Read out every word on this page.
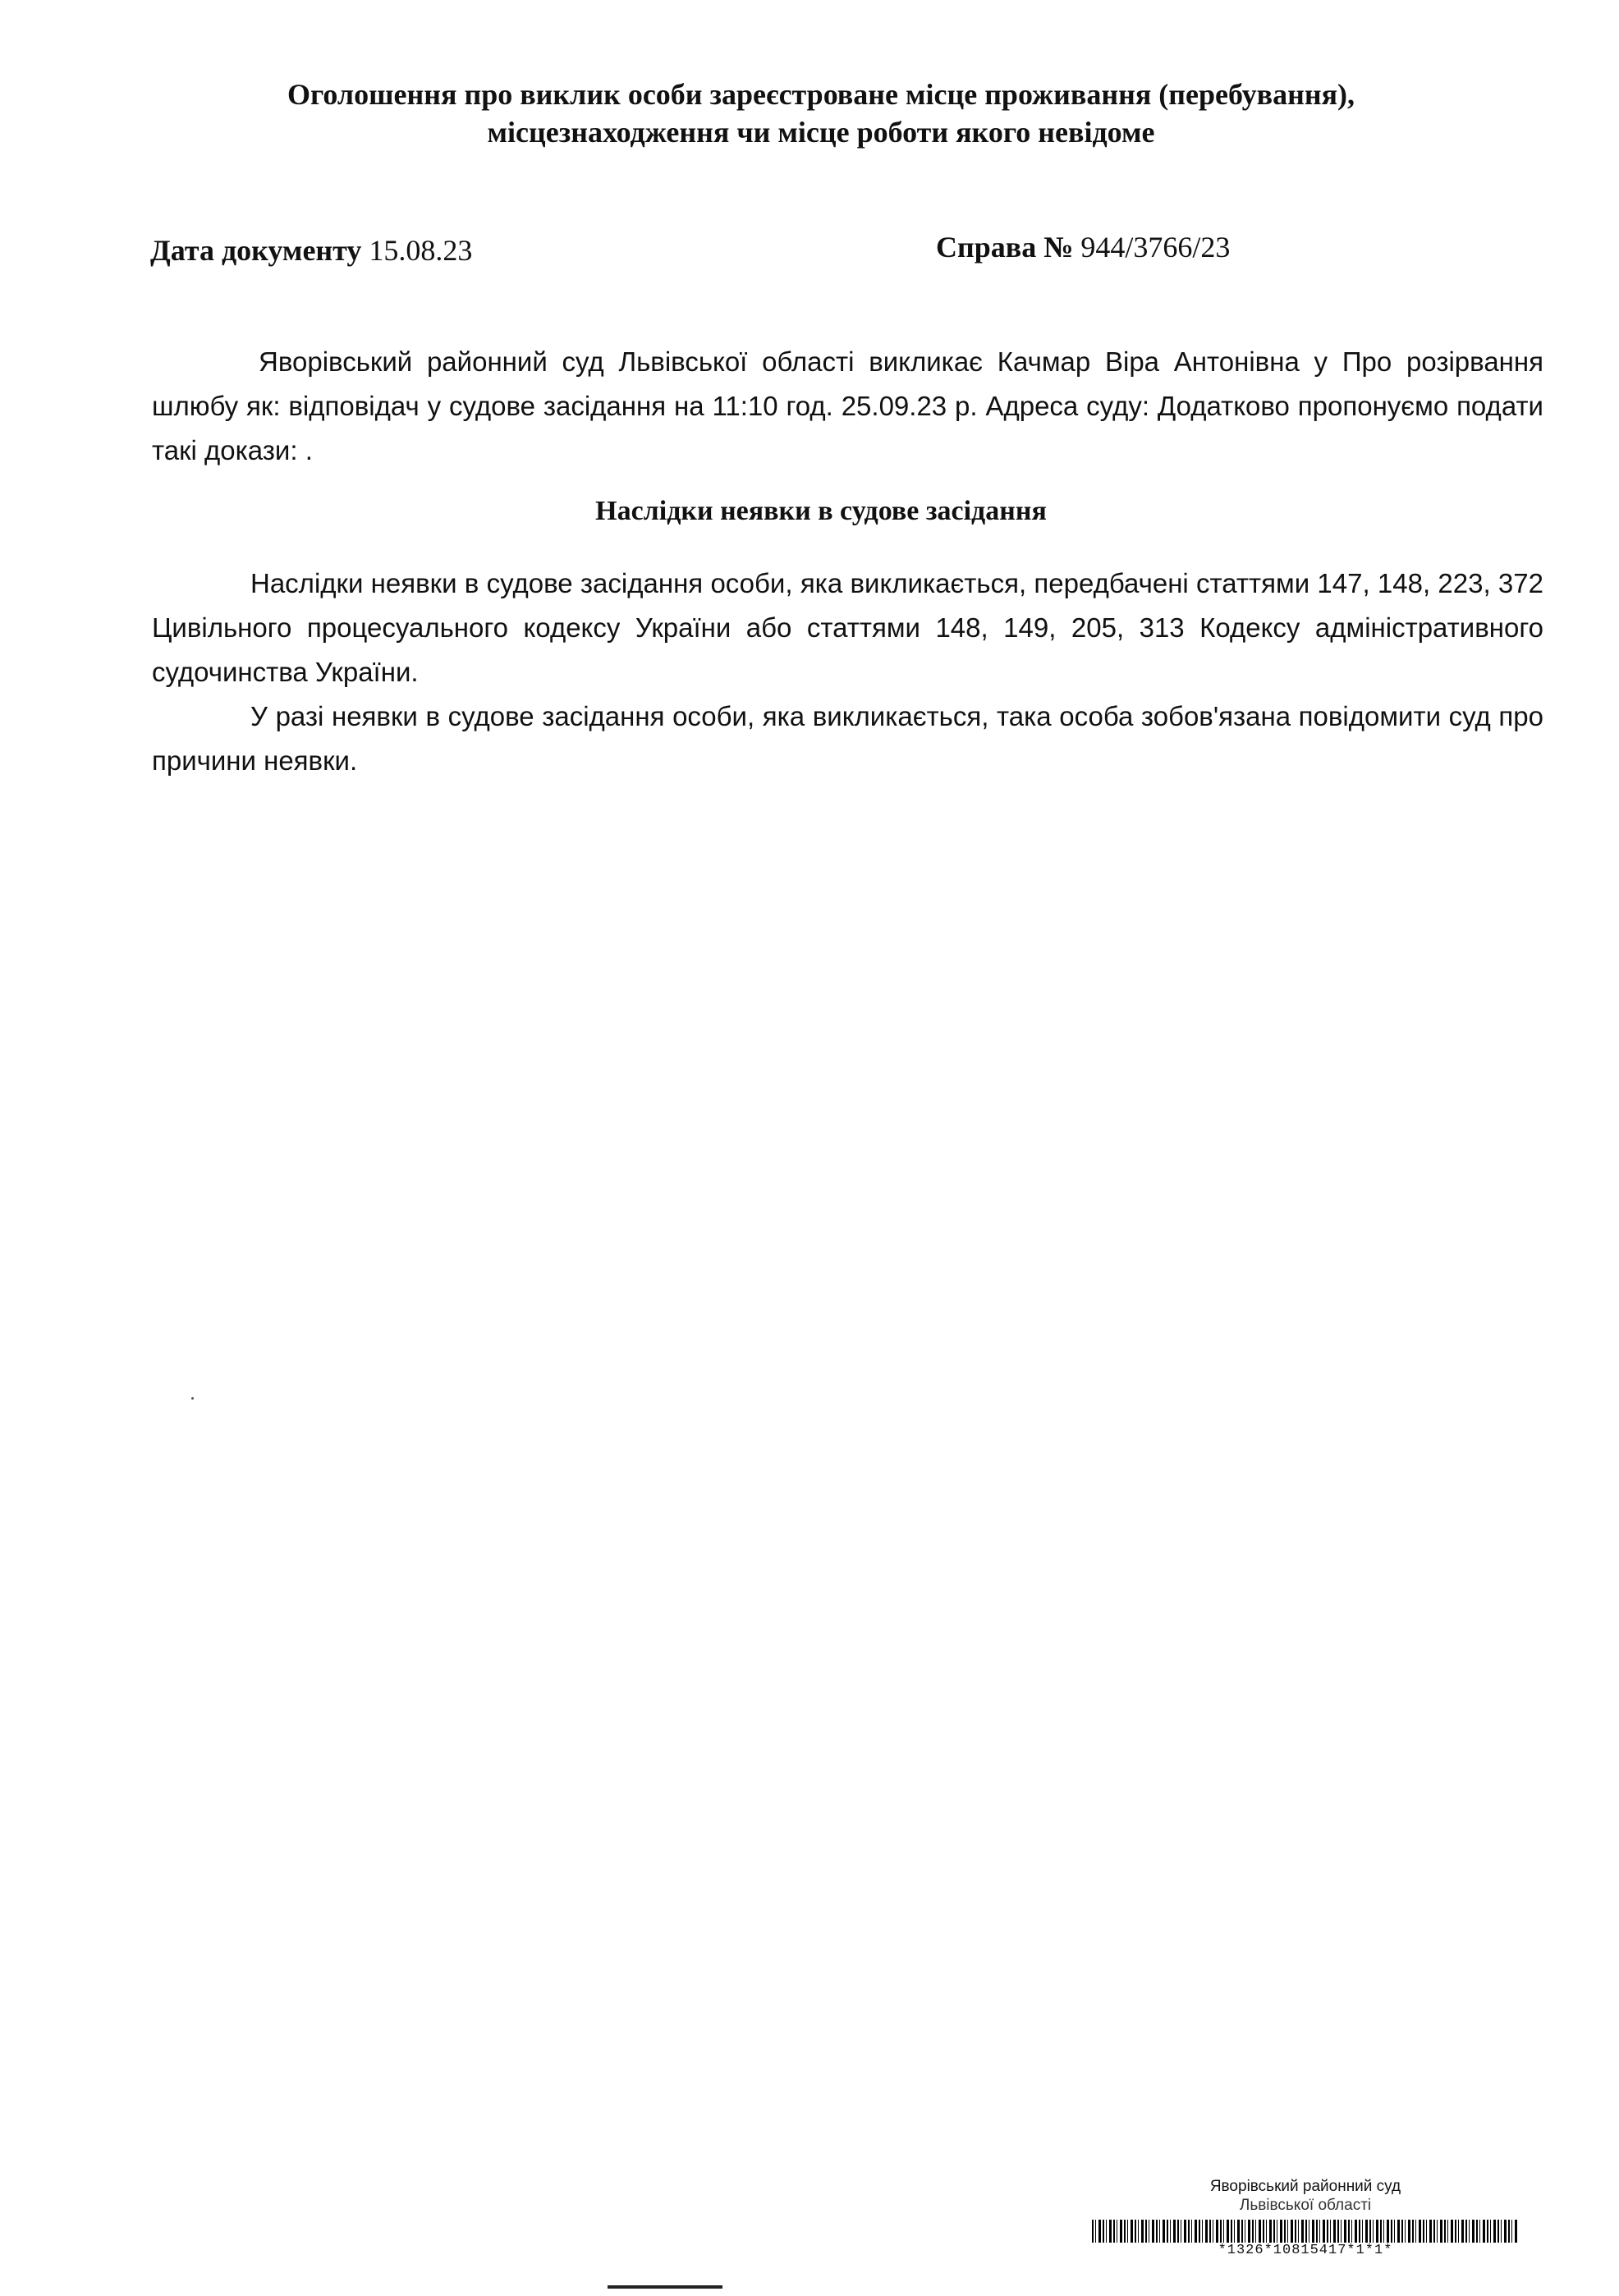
Оголошення про виклик особи зареєстроване місце проживання (перебування),
місцезнаходження чи місце роботи якого невідоме
Дата документу 15.08.23	Справа № 944/3766/23
Яворівський районний суд Львівської області викликає Качмар Віра Антонівна у Про розірвання шлюбу як: відповідач у судове засідання на 11:10 год. 25.09.23 р. Адреса суду: Додатково пропонуємо подати такі докази: .
Наслідки неявки в судове засідання

Наслідки неявки в судове засідання особи, яка викликається, передбачені статтями 147, 148, 223, 372 Цивільного процесуального кодексу України або статтями 148, 149, 205, 313 Кодексу адміністративного судочинства України.

У разі неявки в судове засідання особи, яка викликається, така особа зобов'язана повідомити суд про причини неявки.

Яворівський районний суд
Львівської області
*1326*10815417*1*1*
